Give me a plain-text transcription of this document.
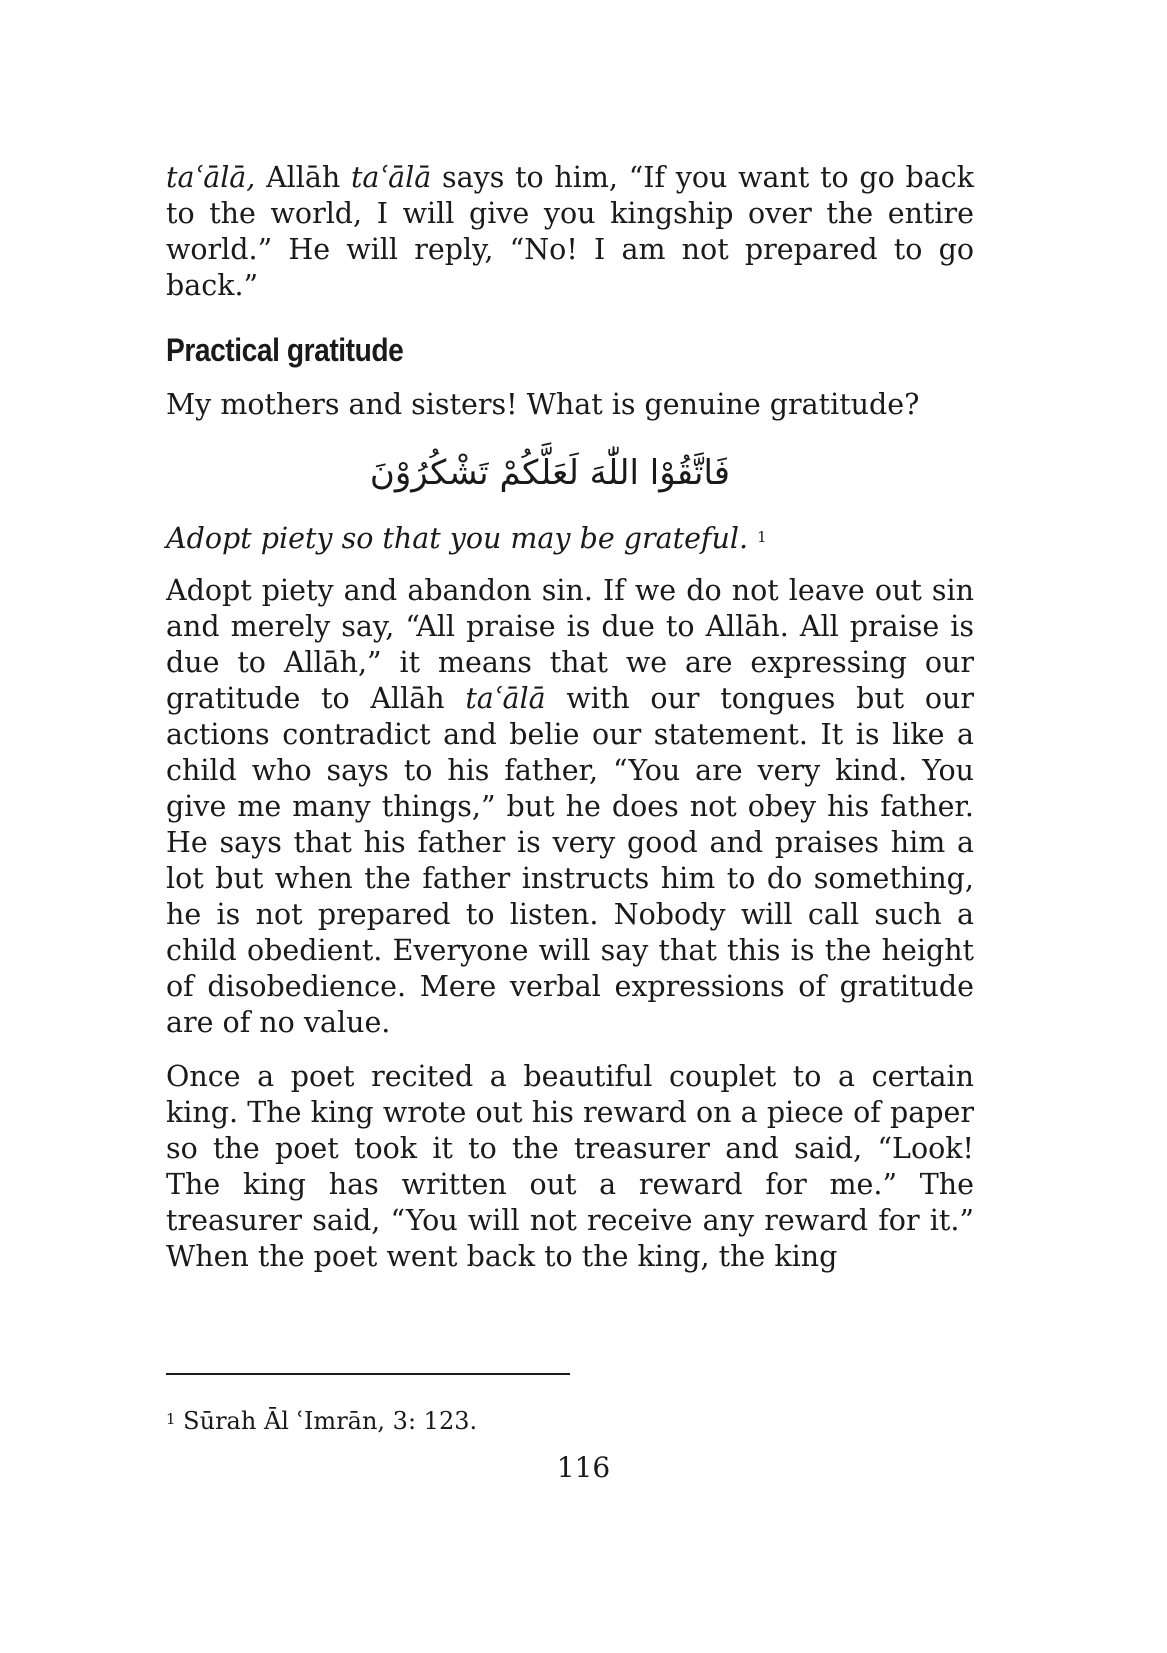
taʿālā, Allāh taʿālā says to him, “If you want to go back to the world, I will give you kingship over the entire world.” He will reply, “No! I am not prepared to go back.”

Practical gratitude

My mothers and sisters! What is genuine gratitude?

فَاتَّقُوْا اللّٰهَ لَعَلَّكُمْ تَشْكُرُوْنَ

Adopt piety so that you may be grateful. $^1$

Adopt piety and abandon sin. If we do not leave out sin and merely say, “All praise is due to Allāh. All praise is due to Allāh,” it means that we are expressing our gratitude to Allāh taʿālā with our tongues but our actions contradict and belie our statement. It is like a child who says to his father, “You are very kind. You give me many things,” but he does not obey his father. He says that his father is very good and praises him a lot but when the father instructs him to do something, he is not prepared to listen. Nobody will call such a child obedient. Everyone will say that this is the height of disobedience. Mere verbal expressions of gratitude are of no value.

Once a poet recited a beautiful couplet to a certain king. The king wrote out his reward on a piece of paper so the poet took it to the treasurer and said, “Look! The king has written out a reward for me.” The treasurer said, “You will not receive any reward for it.” When the poet went back to the king, the king

$^1$ Sūrah Āl ʿImrān, 3: 123.
116
